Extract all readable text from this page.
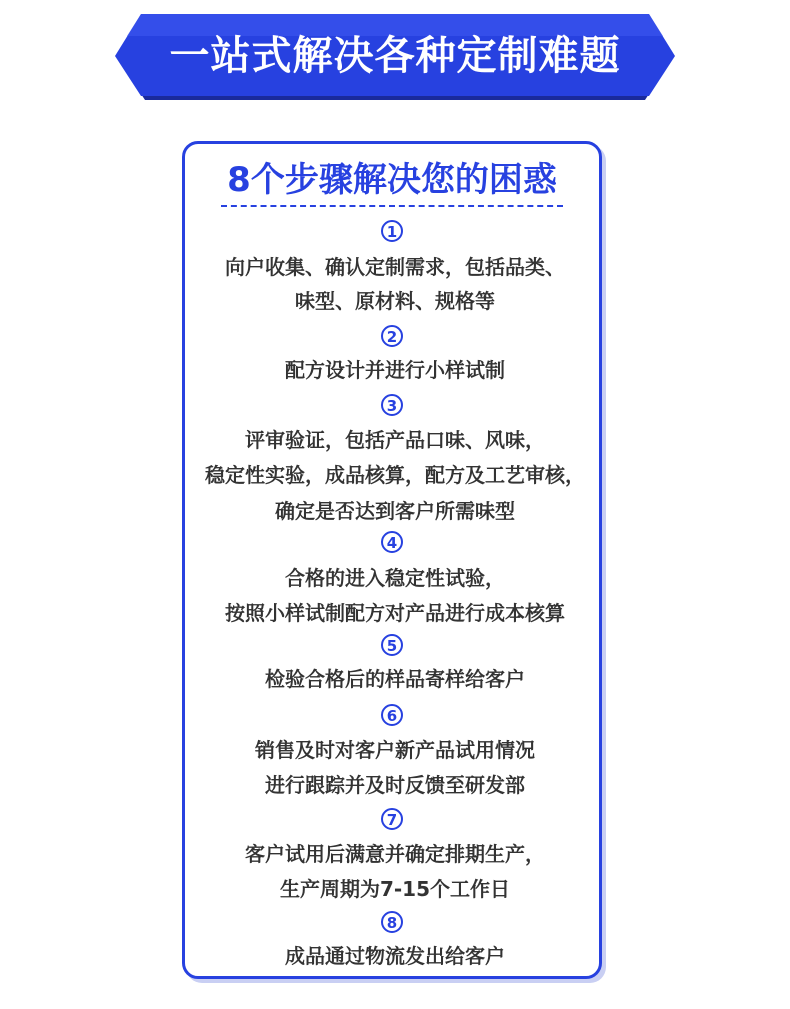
一站式解决各种定制难题
8个步骤解决您的困惑
1
向户收集、确认定制需求，包括品类、
味型、原材料、规格等
2
配方设计并进行小样试制
3
评审验证，包括产品口味、风味，
稳定性实验，成品核算，配方及工艺审核，
确定是否达到客户所需味型
4
合格的进入稳定性试验，
按照小样试制配方对产品进行成本核算
5
检验合格后的样品寄样给客户
6
销售及时对客户新产品试用情况
进行跟踪并及时反馈至研发部
7
客户试用后满意并确定排期生产，
生产周期为7-15个工作日
8
成品通过物流发出给客户
